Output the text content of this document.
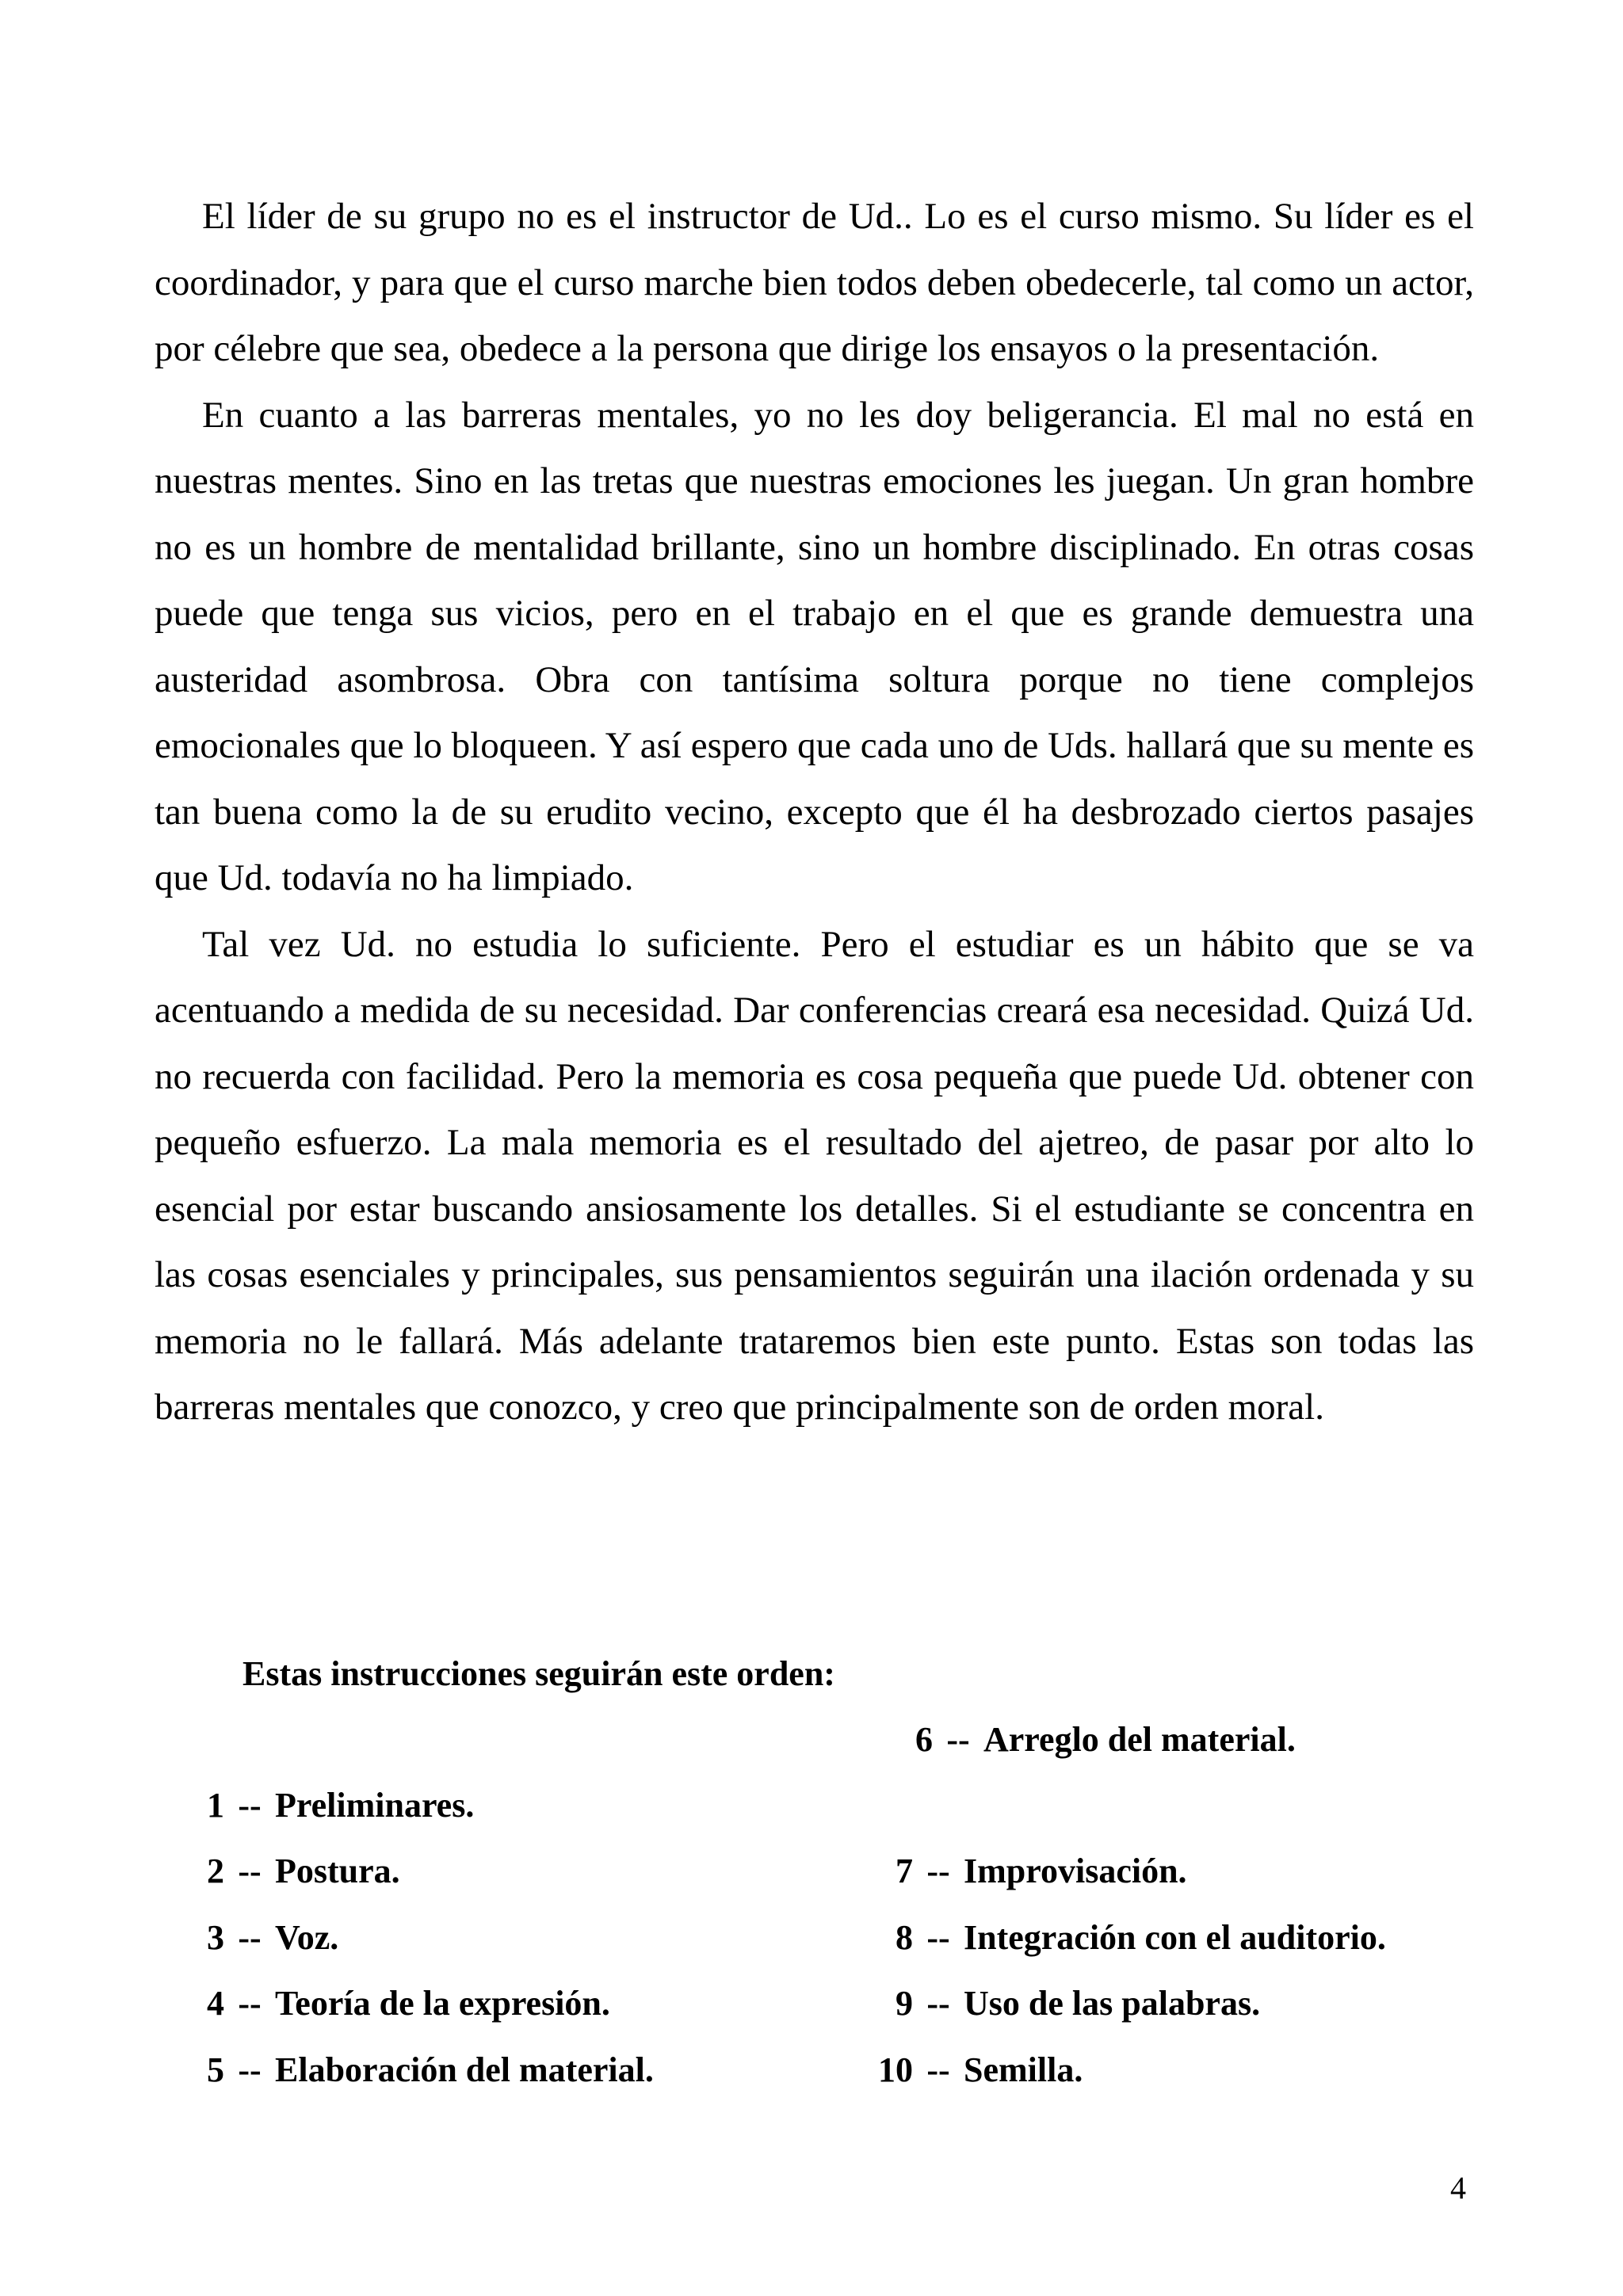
El líder de su grupo no es el instructor de Ud.. Lo es el curso mismo. Su líder es el coordinador, y para que el curso marche bien todos deben obedecerle, tal como un actor, por célebre que sea, obedece a la persona que dirige los ensayos o la presentación.

En cuanto a las barreras mentales, yo no les doy beligerancia. El mal no está en nuestras mentes. Sino en las tretas que nuestras emociones les juegan. Un gran hombre no es un hombre de mentalidad brillante, sino un hombre disciplinado. En otras cosas puede que tenga sus vicios, pero en el trabajo en el que es grande demuestra una austeridad asombrosa. Obra con tantísima soltura porque no tiene complejos emocionales que lo bloqueen. Y así espero que cada uno de Uds. hallará que su mente es tan buena como la de su erudito vecino, excepto que él ha desbrozado ciertos pasajes que Ud. todavía no ha limpiado.

Tal vez Ud. no estudia lo suficiente. Pero el estudiar es un hábito que se va acentuando a medida de su necesidad. Dar conferencias creará esa necesidad. Quizá Ud. no recuerda con facilidad. Pero la memoria es cosa pequeña que puede Ud. obtener con pequeño esfuerzo. La mala memoria es el resultado del ajetreo, de pasar por alto lo esencial por estar buscando ansiosamente los detalles. Si el estudiante se concentra en las cosas esenciales y principales, sus pensamientos seguirán una ilación ordenada y su memoria no le fallará. Más adelante trataremos bien este punto. Estas son todas las barreras mentales que conozco, y creo que principalmente son de orden moral.

Estas instrucciones seguirán este orden:
6 -- Arreglo del material.
1 -- Preliminares.
2 -- Postura.
3 -- Voz.
4 -- Teoría de la expresión.
5 -- Elaboración del material.
7 -- Improvisación.
8 -- Integración con el auditorio.
9 -- Uso de las palabras.
10 -- Semilla.
4
